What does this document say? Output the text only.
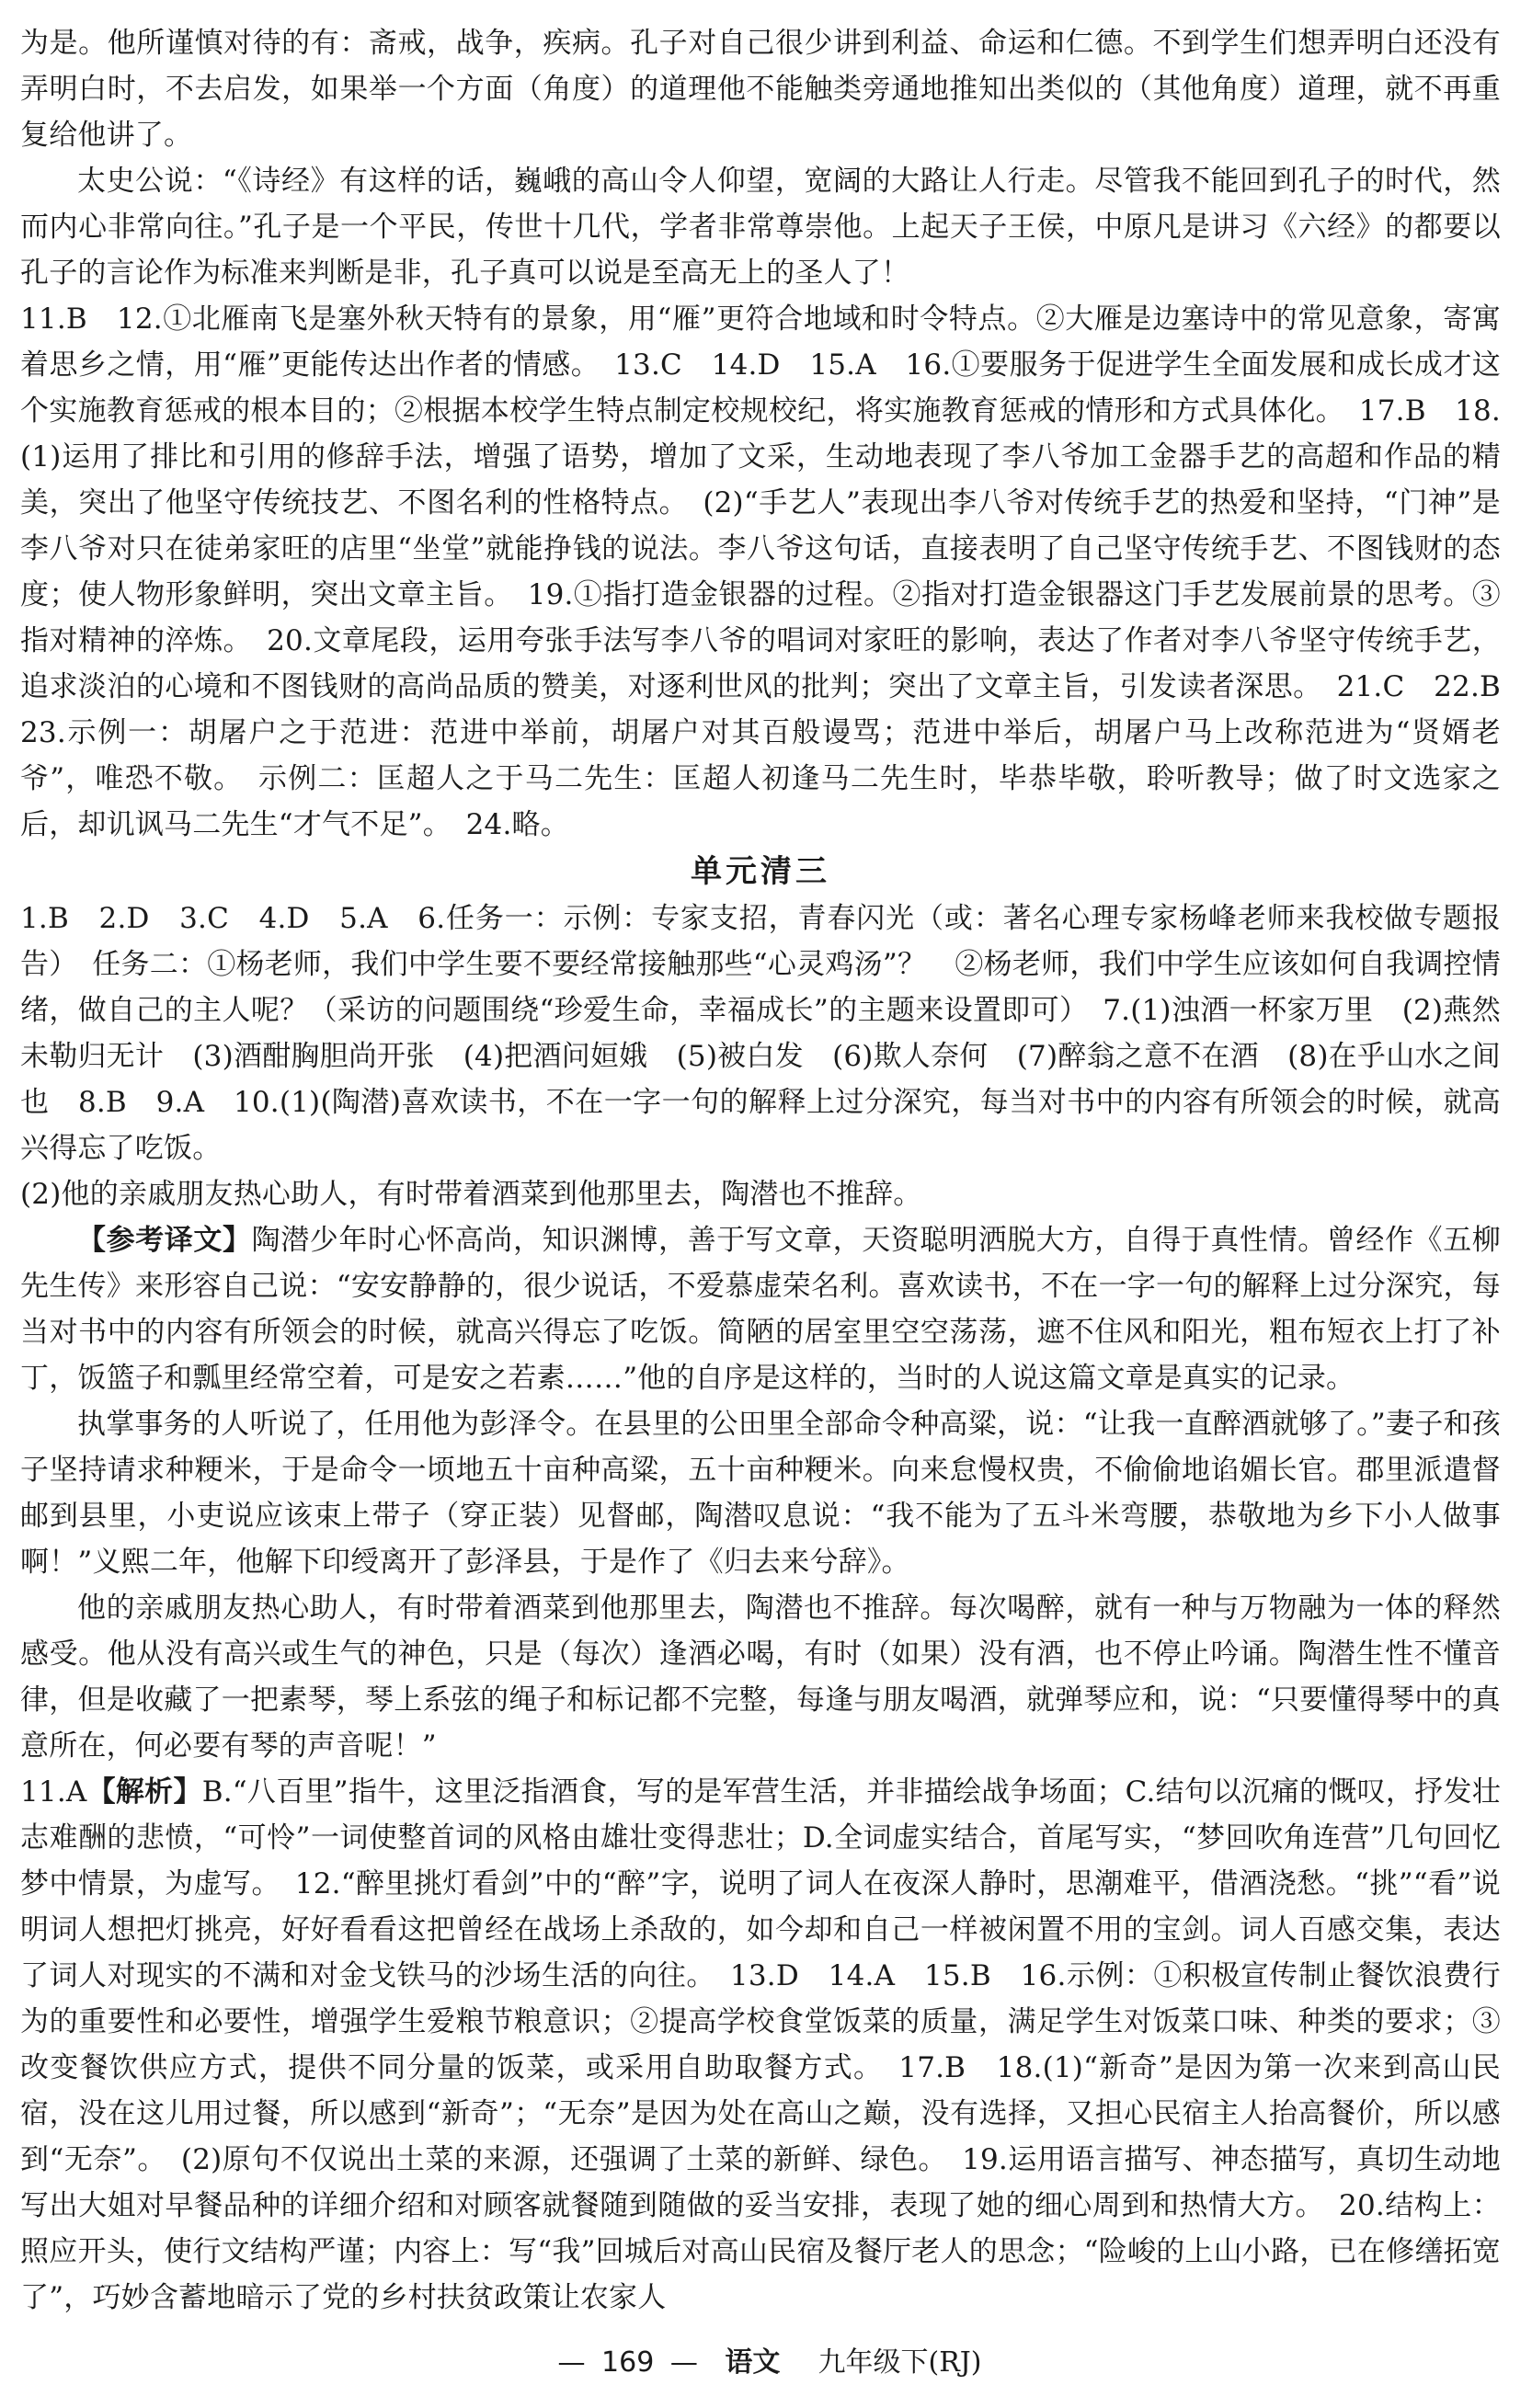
为是。他所谨慎对待的有：斋戒，战争，疾病。孔子对自己很少讲到利益、命运和仁德。不到学生们想弄明白还没有弄明白时，不去启发，如果举一个方面（角度）的道理他不能触类旁通地推知出类似的（其他角度）道理，就不再重复给他讲了。

太史公说：“《诗经》有这样的话，巍峨的高山令人仰望，宽阔的大路让人行走。尽管我不能回到孔子的时代，然而内心非常向往。”孔子是一个平民，传世十几代，学者非常尊崇他。上起天子王侯，中原凡是讲习《六经》的都要以孔子的言论作为标准来判断是非，孔子真可以说是至高无上的圣人了！

11.B　12.①北雁南飞是塞外秋天特有的景象，用“雁”更符合地域和时令特点。②大雁是边塞诗中的常见意象，寄寓着思乡之情，用“雁”更能传达出作者的情感。　13.C　14.D　15.A　16.①要服务于促进学生全面发展和成长成才这个实施教育惩戒的根本目的；②根据本校学生特点制定校规校纪，将实施教育惩戒的情形和方式具体化。　17.B　18.(1)运用了排比和引用的修辞手法，增强了语势，增加了文采，生动地表现了李八爷加工金器手艺的高超和作品的精美，突出了他坚守传统技艺、不图名利的性格特点。　(2)“手艺人”表现出李八爷对传统手艺的热爱和坚持，“门神”是李八爷对只在徒弟家旺的店里“坐堂”就能挣钱的说法。李八爷这句话，直接表明了自己坚守传统手艺、不图钱财的态度；使人物形象鲜明，突出文章主旨。　19.①指打造金银器的过程。②指对打造金银器这门手艺发展前景的思考。③指对精神的淬炼。　20.文章尾段，运用夸张手法写李八爷的唱词对家旺的影响，表达了作者对李八爷坚守传统手艺，追求淡泊的心境和不图钱财的高尚品质的赞美，对逐利世风的批判；突出了文章主旨，引发读者深思。　21.C　22.B　23.示例一：胡屠户之于范进：范进中举前，胡屠户对其百般谩骂；范进中举后，胡屠户马上改称范进为“贤婿老爷”，唯恐不敬。　示例二：匡超人之于马二先生：匡超人初逢马二先生时，毕恭毕敬，聆听教导；做了时文选家之后，却讥讽马二先生“才气不足”。　24.略。

单元清三

1.B　2.D　3.C　4.D　5.A　6.任务一：示例：专家支招，青春闪光（或：著名心理专家杨峰老师来我校做专题报告）　任务二：①杨老师，我们中学生要不要经常接触那些“心灵鸡汤”？　②杨老师，我们中学生应该如何自我调控情绪，做自己的主人呢？（采访的问题围绕“珍爱生命，幸福成长”的主题来设置即可）　7.(1)浊酒一杯家万里　(2)燕然未勒归无计　(3)酒酣胸胆尚开张　(4)把酒问姮娥　(5)被白发　(6)欺人奈何　(7)醉翁之意不在酒　(8)在乎山水之间也　8.B　9.A　10.(1)(陶潜)喜欢读书，不在一字一句的解释上过分深究，每当对书中的内容有所领会的时候，就高兴得忘了吃饭。

(2)他的亲戚朋友热心助人，有时带着酒菜到他那里去，陶潜也不推辞。

【参考译文】陶潜少年时心怀高尚，知识渊博，善于写文章，天资聪明洒脱大方，自得于真性情。曾经作《五柳先生传》来形容自己说：“安安静静的，很少说话，不爱慕虚荣名利。喜欢读书，不在一字一句的解释上过分深究，每当对书中的内容有所领会的时候，就高兴得忘了吃饭。简陋的居室里空空荡荡，遮不住风和阳光，粗布短衣上打了补丁，饭篮子和瓢里经常空着，可是安之若素……”他的自序是这样的，当时的人说这篇文章是真实的记录。

执掌事务的人听说了，任用他为彭泽令。在县里的公田里全部命令种高粱，说：“让我一直醉酒就够了。”妻子和孩子坚持请求种粳米，于是命令一顷地五十亩种高粱，五十亩种粳米。向来怠慢权贵，不偷偷地谄媚长官。郡里派遣督邮到县里，小吏说应该束上带子（穿正装）见督邮，陶潜叹息说：“我不能为了五斗米弯腰，恭敬地为乡下小人做事啊！”义熙二年，他解下印绶离开了彭泽县，于是作了《归去来兮辞》。

他的亲戚朋友热心助人，有时带着酒菜到他那里去，陶潜也不推辞。每次喝醉，就有一种与万物融为一体的释然感受。他从没有高兴或生气的神色，只是（每次）逢酒必喝，有时（如果）没有酒，也不停止吟诵。陶潜生性不懂音律，但是收藏了一把素琴，琴上系弦的绳子和标记都不完整，每逢与朋友喝酒，就弹琴应和，说：“只要懂得琴中的真意所在，何必要有琴的声音呢！”

11.A【解析】B.“八百里”指牛，这里泛指酒食，写的是军营生活，并非描绘战争场面；C.结句以沉痛的慨叹，抒发壮志难酬的悲愤，“可怜”一词使整首词的风格由雄壮变得悲壮；D.全词虚实结合，首尾写实，“梦回吹角连营”几句回忆梦中情景，为虚写。　12.“醉里挑灯看剑”中的“醉”字，说明了词人在夜深人静时，思潮难平，借酒浇愁。“挑”“看”说明词人想把灯挑亮，好好看看这把曾经在战场上杀敌的，如今却和自己一样被闲置不用的宝剑。词人百感交集，表达了词人对现实的不满和对金戈铁马的沙场生活的向往。　13.D　14.A　15.B　16.示例：①积极宣传制止餐饮浪费行为的重要性和必要性，增强学生爱粮节粮意识；②提高学校食堂饭菜的质量，满足学生对饭菜口味、种类的要求；③改变餐饮供应方式，提供不同分量的饭菜，或采用自助取餐方式。　17.B　18.(1)“新奇”是因为第一次来到高山民宿，没在这儿用过餐，所以感到“新奇”；“无奈”是因为处在高山之巅，没有选择，又担心民宿主人抬高餐价，所以感到“无奈”。　(2)原句不仅说出土菜的来源，还强调了土菜的新鲜、绿色。　19.运用语言描写、神态描写，真切生动地写出大姐对早餐品种的详细介绍和对顾客就餐随到随做的妥当安排，表现了她的细心周到和热情大方。　20.结构上：照应开头，使行文结构严谨；内容上：写“我”回城后对高山民宿及餐厅老人的思念；“险峻的上山小路，已在修缮拓宽了”，巧妙含蓄地暗示了党的乡村扶贫政策让农家人

— 169 — 语文 九年级下(RJ)
